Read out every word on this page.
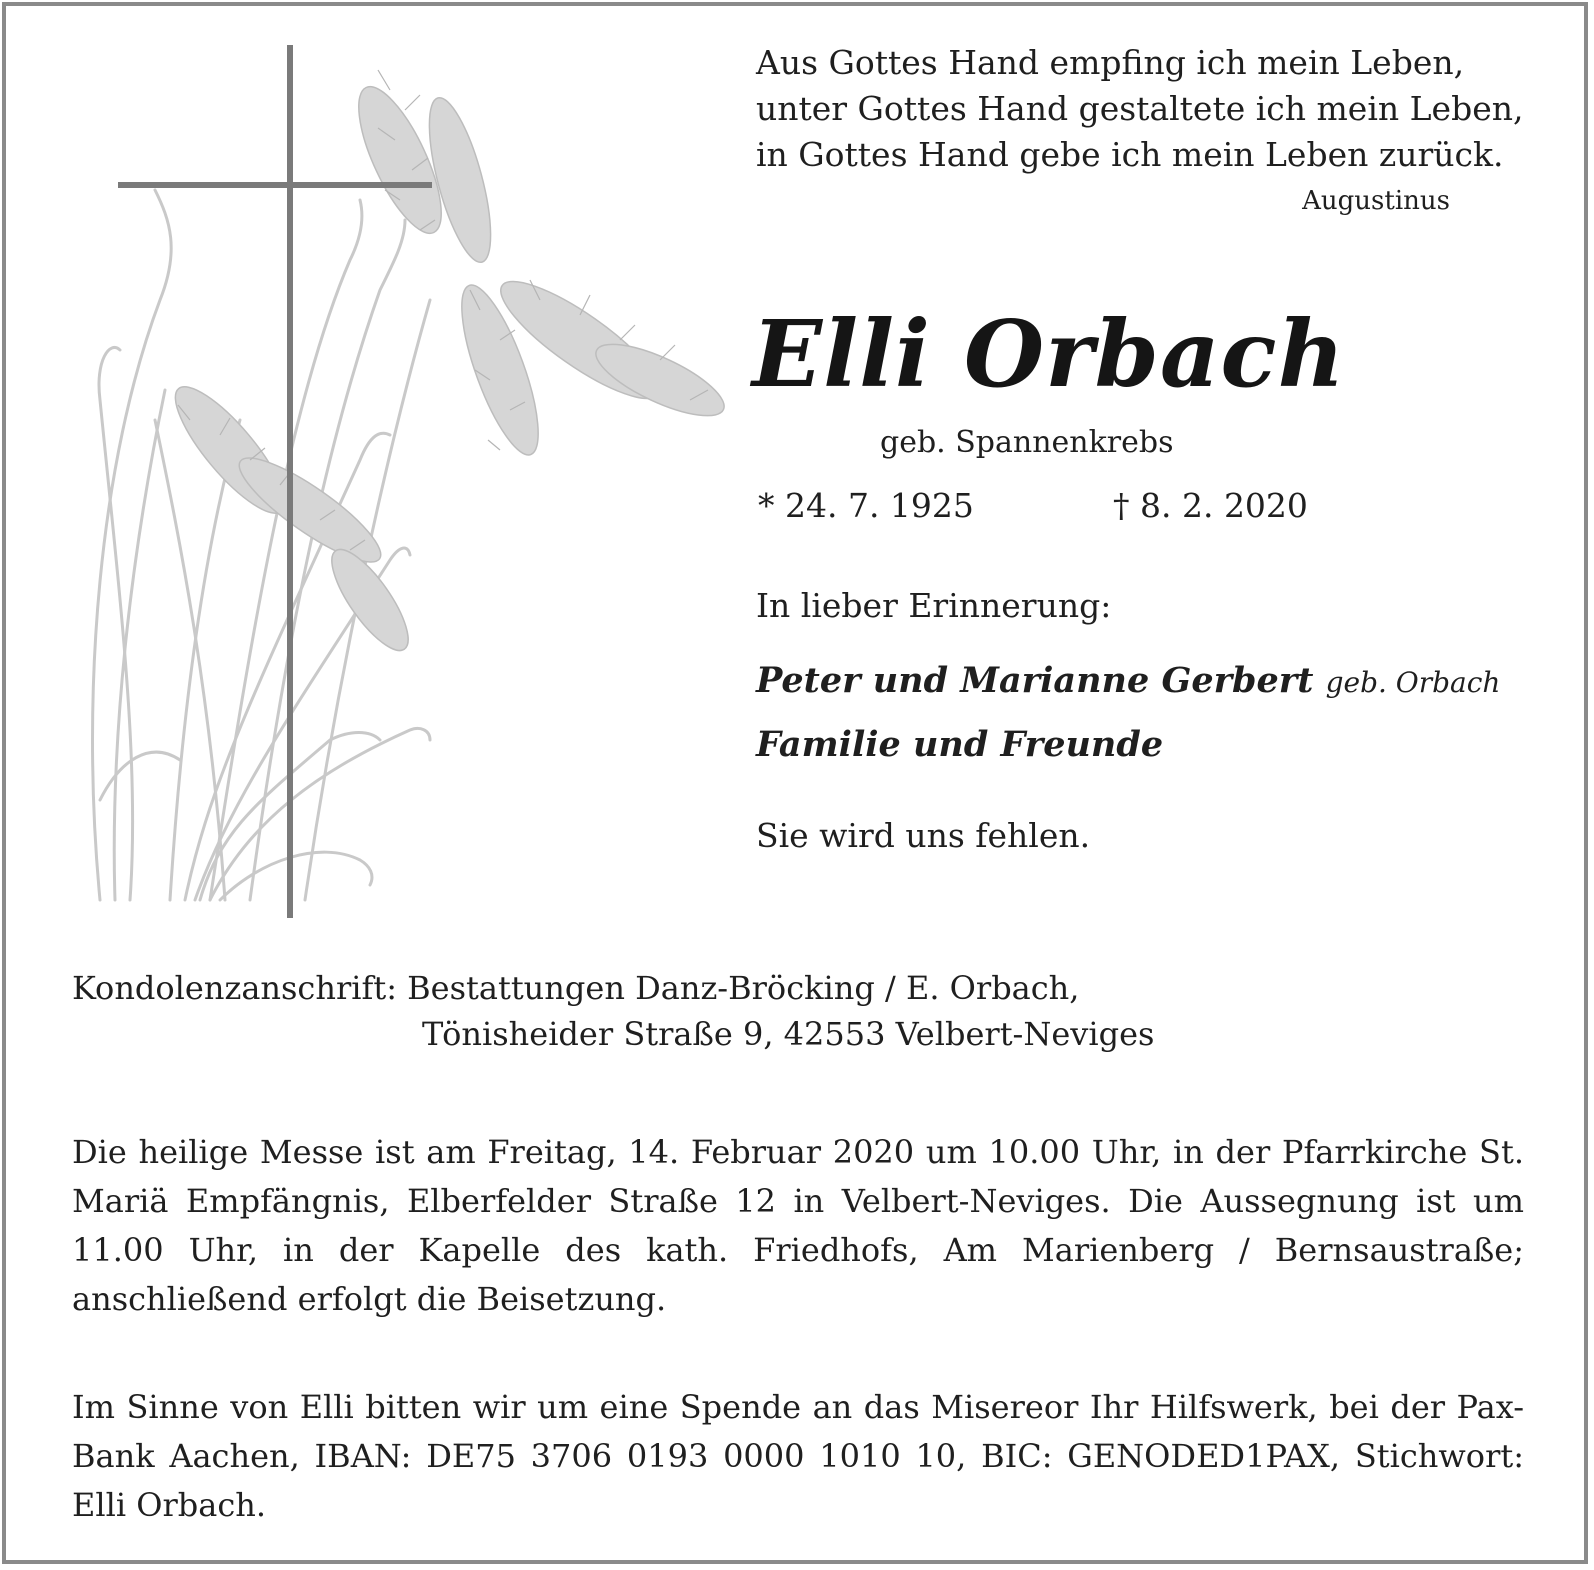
Aus Gottes Hand empfing ich mein Leben,
unter Gottes Hand gestaltete ich mein Leben,
in Gottes Hand gebe ich mein Leben zurück.
Augustinus
Elli Orbach
geb. Spannenkrebs
* 24. 7. 1925	† 8. 2. 2020
In lieber Erinnerung:
Peter und Marianne Gerbert geb. Orbach
Familie und Freunde
Sie wird uns fehlen.
Kondolenzanschrift: Bestattungen Danz-Bröcking / E. Orbach,
Tönisheider Straße 9, 42553 Velbert-Neviges
Die heilige Messe ist am Freitag, 14. Februar 2020 um 10.00 Uhr, in der Pfarrkirche St. Mariä Empfängnis, Elberfelder Straße 12 in Velbert-Neviges. Die Aussegnung ist um 11.00 Uhr, in der Kapelle des kath. Friedhofs, Am Marienberg / Bernsaustraße; anschließend erfolgt die Beisetzung.
Im Sinne von Elli bitten wir um eine Spende an das Misereor Ihr Hilfswerk, bei der Pax-Bank Aachen, IBAN: DE75 3706 0193 0000 1010 10, BIC: GENODED1PAX, Stichwort: Elli Orbach.
